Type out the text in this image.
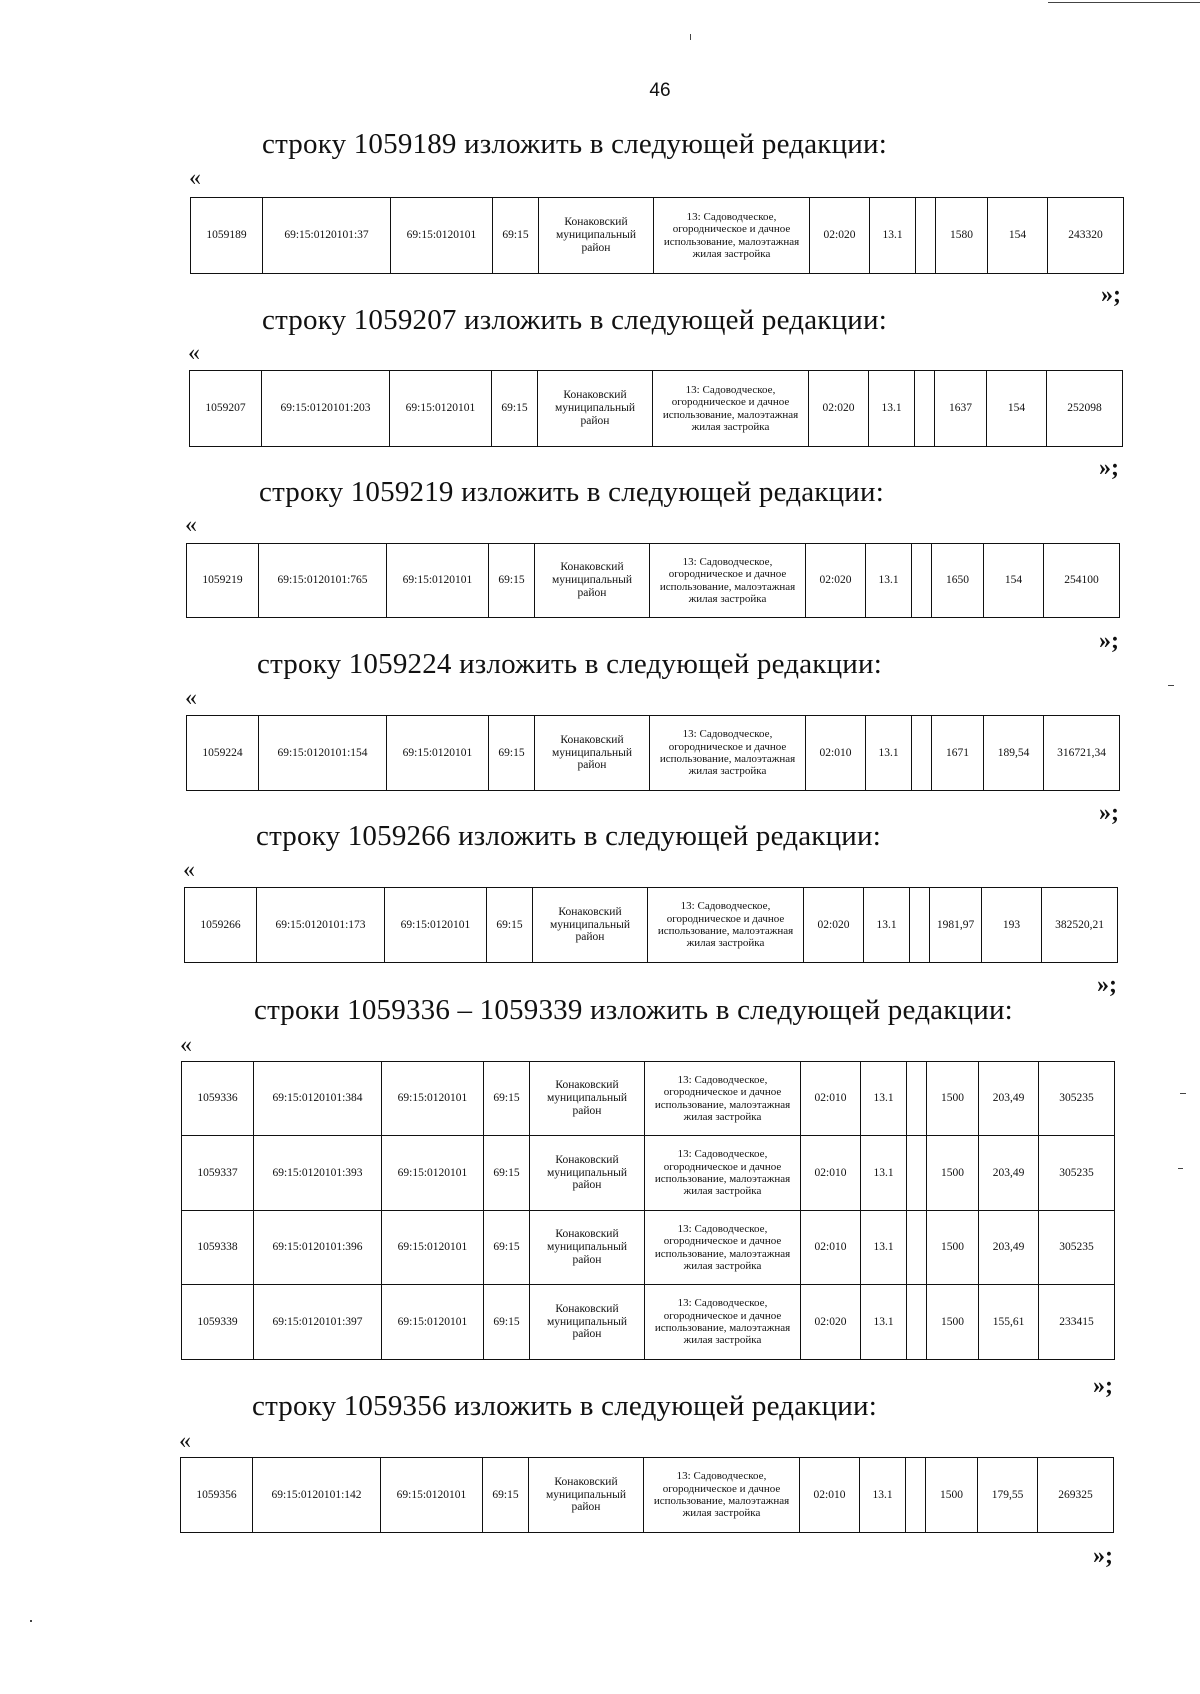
46
строку 1059189 изложить в следующей редакции:
«
1059189	69:15:0120101:37	69:15:0120101	69:15	Конаковский муниципальный район	13: Садоводческое, огородническое и дачное использование, малоэтажная жилая застройка	02:020	13.1		1580	154	243320
»;
строку 1059207 изложить в следующей редакции:
«
1059207	69:15:0120101:203	69:15:0120101	69:15	Конаковский муниципальный район	13: Садоводческое, огородническое и дачное использование, малоэтажная жилая застройка	02:020	13.1		1637	154	252098
»;
строку 1059219 изложить в следующей редакции:
«
1059219	69:15:0120101:765	69:15:0120101	69:15	Конаковский муниципальный район	13: Садоводческое, огородническое и дачное использование, малоэтажная жилая застройка	02:020	13.1		1650	154	254100
»;
строку 1059224 изложить в следующей редакции:
«
1059224	69:15:0120101:154	69:15:0120101	69:15	Конаковский муниципальный район	13: Садоводческое, огородническое и дачное использование, малоэтажная жилая застройка	02:010	13.1		1671	189,54	316721,34
»;
строку 1059266 изложить в следующей редакции:
«
1059266	69:15:0120101:173	69:15:0120101	69:15	Конаковский муниципальный район	13: Садоводческое, огородническое и дачное использование, малоэтажная жилая застройка	02:020	13.1		1981,97	193	382520,21
»;
строки 1059336 – 1059339 изложить в следующей редакции:
«
1059336	69:15:0120101:384	69:15:0120101	69:15	Конаковский муниципальный район	13: Садоводческое, огородническое и дачное использование, малоэтажная жилая застройка	02:010	13.1		1500	203,49	305235
1059337	69:15:0120101:393	69:15:0120101	69:15	Конаковский муниципальный район	13: Садоводческое, огородническое и дачное использование, малоэтажная жилая застройка	02:010	13.1		1500	203,49	305235
1059338	69:15:0120101:396	69:15:0120101	69:15	Конаковский муниципальный район	13: Садоводческое, огородническое и дачное использование, малоэтажная жилая застройка	02:010	13.1		1500	203,49	305235
1059339	69:15:0120101:397	69:15:0120101	69:15	Конаковский муниципальный район	13: Садоводческое, огородническое и дачное использование, малоэтажная жилая застройка	02:020	13.1		1500	155,61	233415
»;
строку 1059356 изложить в следующей редакции:
«
1059356	69:15:0120101:142	69:15:0120101	69:15	Конаковский муниципальный район	13: Садоводческое, огородническое и дачное использование, малоэтажная жилая застройка	02:010	13.1		1500	179,55	269325
»;
